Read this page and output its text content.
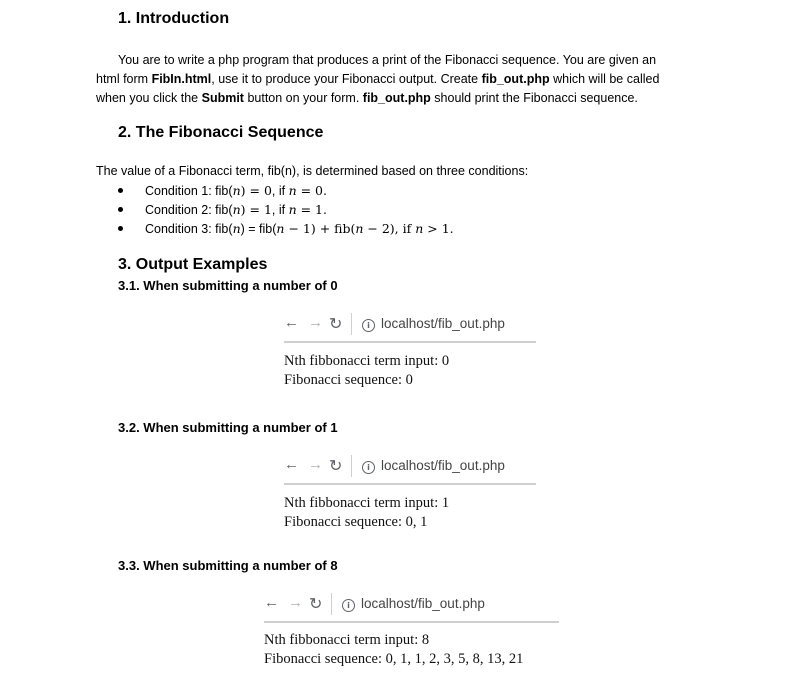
1. Introduction
You are to write a php program that produces a print of the Fibonacci sequence. You are given an
html form FibIn.html, use it to produce your Fibonacci output. Create fib_out.php which will be called
when you click the Submit button on your form. fib_out.php should print the Fibonacci sequence.
2. The Fibonacci Sequence
The value of a Fibonacci term, fib(n), is determined based on three conditions:
Condition 1: fib(n) = 0, if n = 0.
Condition 2: fib(n) = 1, if n = 1.
Condition 3: fib(n) = fib(n − 1) + fib(n − 2), if n > 1.
3. Output Examples
3.1. When submitting a number of 0
← → ↻	i localhost/fib_out.php
Nth fibbonacci term input: 0
Fibonacci sequence: 0
3.2. When submitting a number of 1
← → ↻	i localhost/fib_out.php
Nth fibbonacci term input: 1
Fibonacci sequence: 0, 1
3.3. When submitting a number of 8
← → ↻	i localhost/fib_out.php
Nth fibbonacci term input: 8
Fibonacci sequence: 0, 1, 1, 2, 3, 5, 8, 13, 21
